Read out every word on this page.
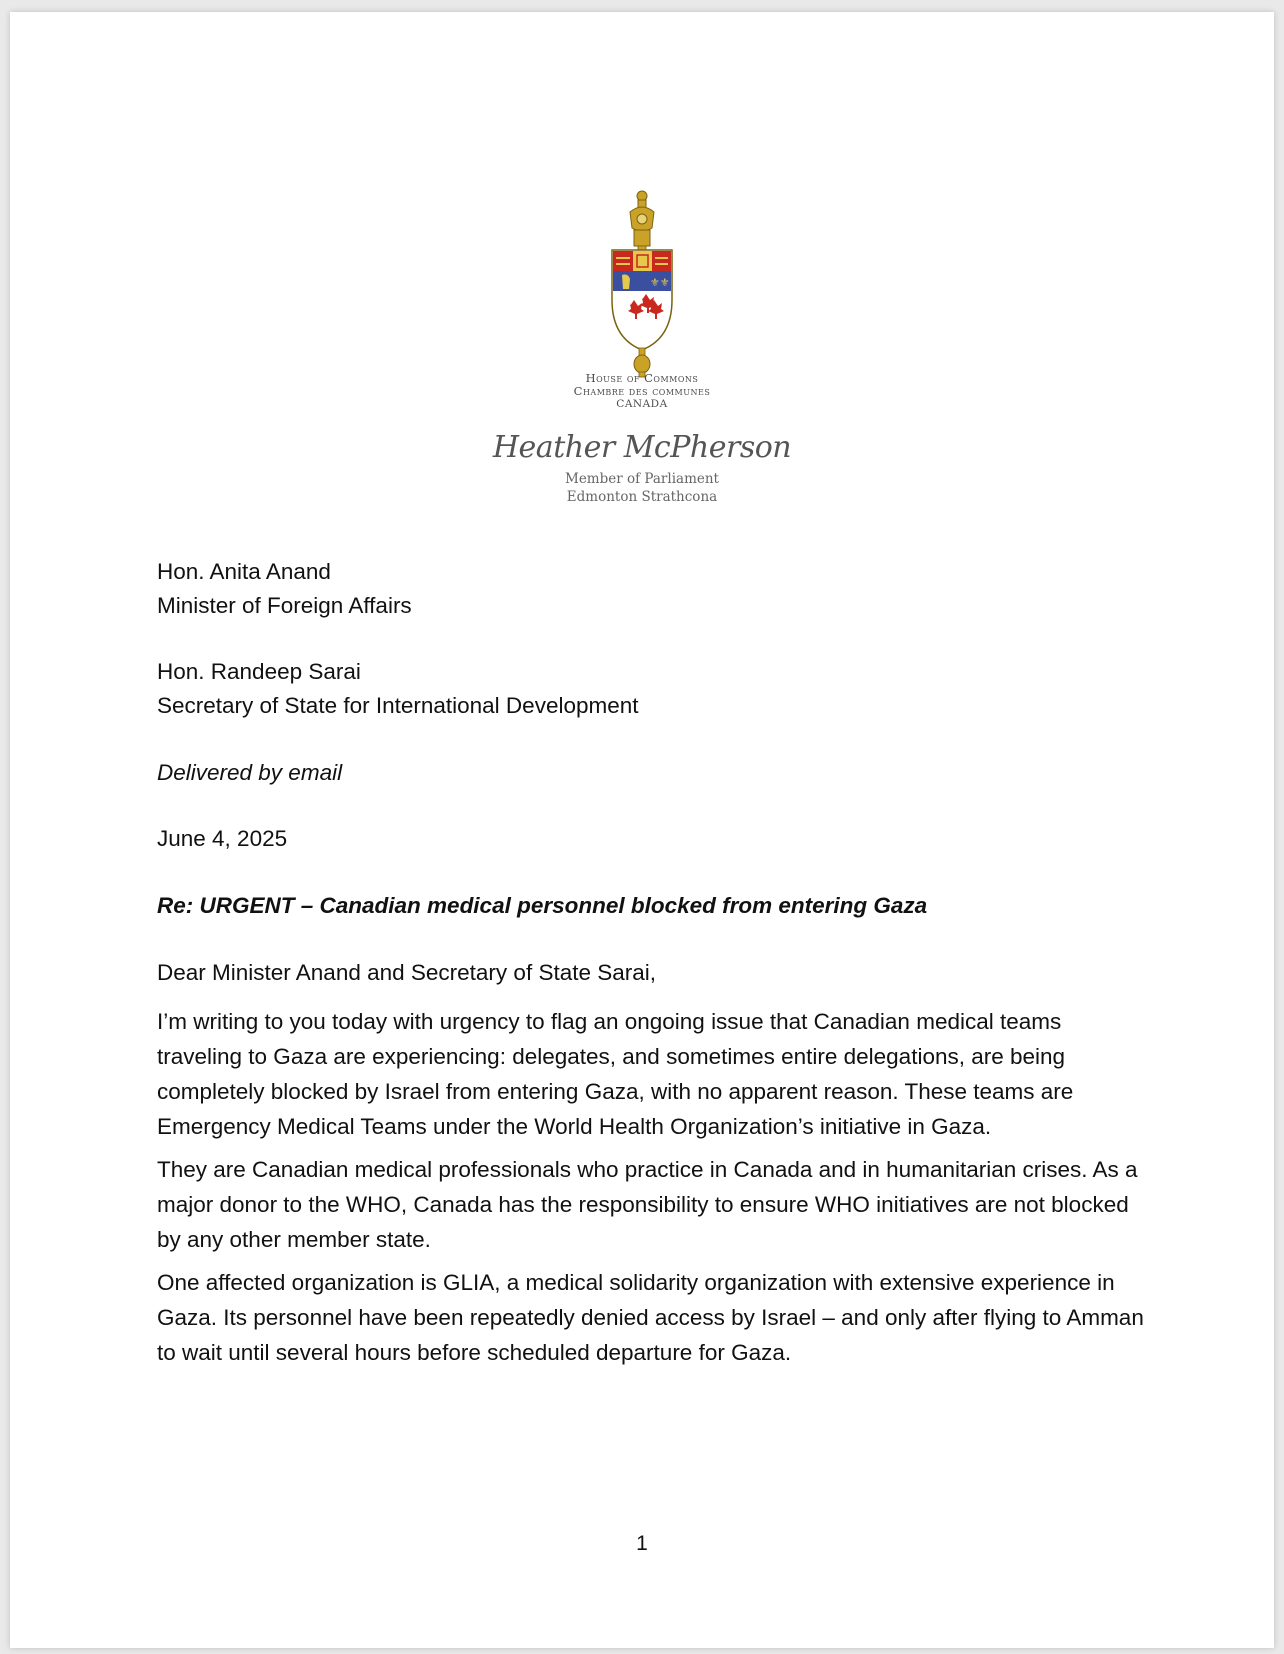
⚜⚜
House of Commons
Chambre des communes
CANADA
Heather McPherson
Member of Parliament
Edmonton Strathcona
Hon. Anita Anand
Minister of Foreign Affairs
Hon. Randeep Sarai
Secretary of State for International Development
Delivered by email
June 4, 2025
Re: URGENT – Canadian medical personnel blocked from entering Gaza
Dear Minister Anand and Secretary of State Sarai,

I’m writing to you today with urgency to flag an ongoing issue that Canadian medical teams traveling to Gaza are experiencing: delegates, and sometimes entire delegations, are being completely blocked by Israel from entering Gaza, with no apparent reason. These teams are Emergency Medical Teams under the World Health Organization’s initiative in Gaza.

They are Canadian medical professionals who practice in Canada and in humanitarian crises. As a major donor to the WHO, Canada has the responsibility to ensure WHO initiatives are not blocked by any other member state.

One affected organization is GLIA, a medical solidarity organization with extensive experience in Gaza. Its personnel have been repeatedly denied access by Israel – and only after flying to Amman to wait until several hours before scheduled departure for Gaza.

1
